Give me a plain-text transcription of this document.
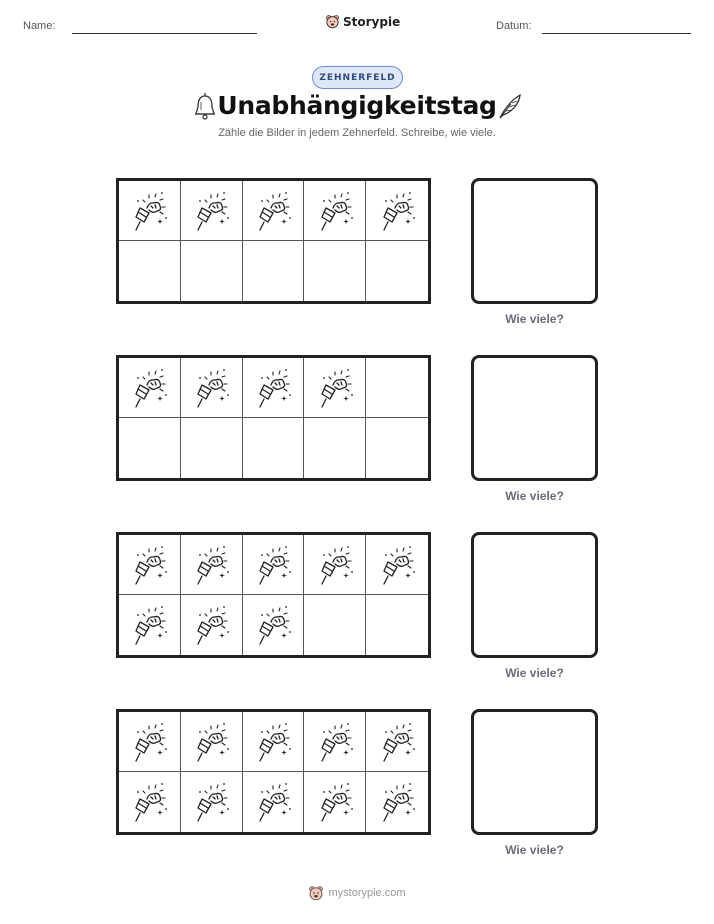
Name:	Storypie	Datum:
ZEHNERFELD
Unabhängigkeitstag
Zähle die Bilder in jedem Zehnerfeld. Schreibe, wie viele.
Wie viele?
Wie viele?
Wie viele?
Wie viele?
mystorypie.com
